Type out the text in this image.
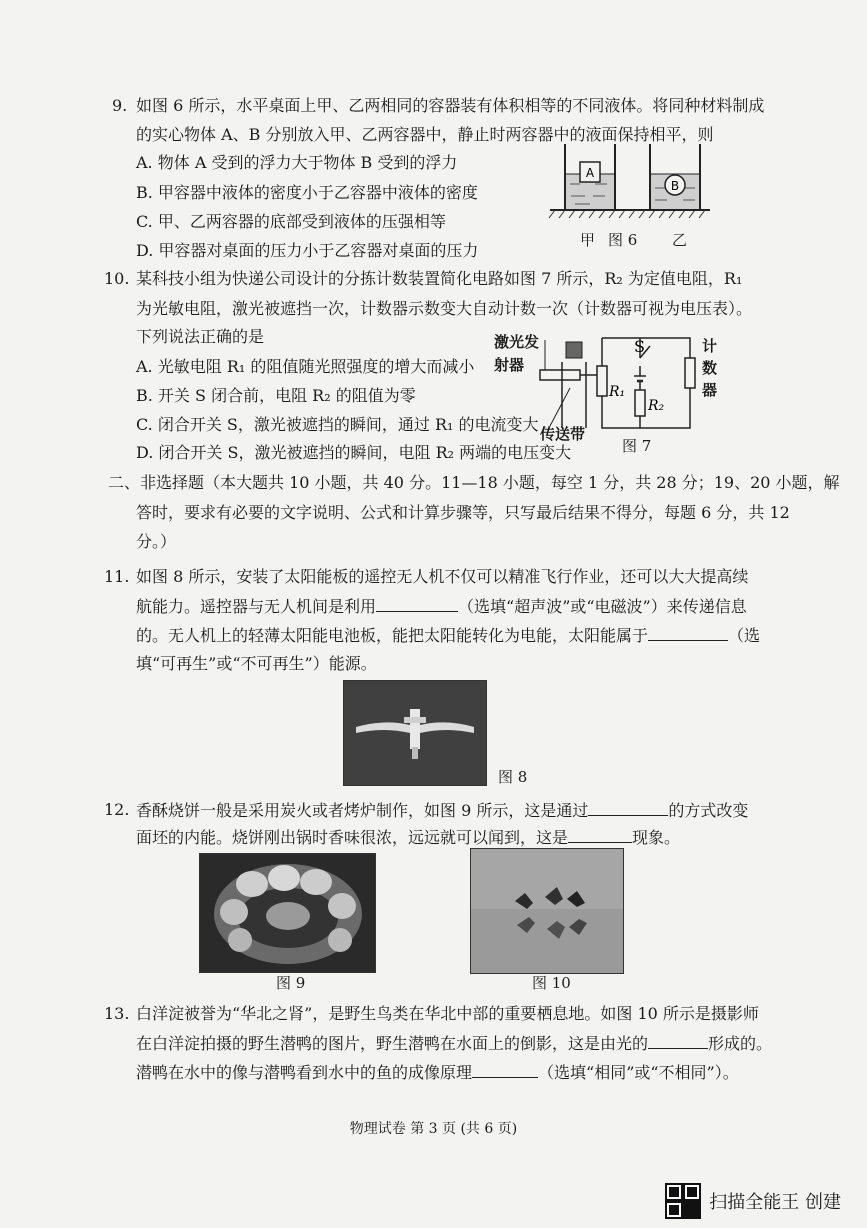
9. 如图 6 所示，水平桌面上甲、乙两相同的容器装有体积相等的不同液体。将同种材料制成
的实心物体 A、B 分别放入甲、乙两容器中，静止时两容器中的液面保持相平，则
A. 物体 A 受到的浮力大于物体 B 受到的浮力
B. 甲容器中液体的密度小于乙容器中液体的密度
C. 甲、乙两容器的底部受到液体的压强相等
D. 甲容器对桌面的压力小于乙容器对桌面的压力
A
B
甲 图 6 乙
10. 某科技小组为快递公司设计的分拣计数装置简化电路如图 7 所示，R₂ 为定值电阻，R₁
为光敏电阻，激光被遮挡一次，计数器示数变大自动计数一次（计数器可视为电压表）。
下列说法正确的是
A. 光敏电阻 R₁ 的阻值随光照强度的增大而减小
B. 开关 S 闭合前，电阻 R₂ 的阻值为零
C. 闭合开关 S，激光被遮挡的瞬间，通过 R₁ 的电流变大
D. 闭合开关 S，激光被遮挡的瞬间，电阻 R₂ 两端的电压变大
S
R₁
R₂
激光发
射器
计
数
器
传送带
图 7
二、非选择题（本大题共 10 小题，共 40 分。11—18 小题，每空 1 分，共 28 分；19、20 小题，解
答时，要求有必要的文字说明、公式和计算步骤等，只写最后结果不得分，每题 6 分，共 12
分。）
11. 如图 8 所示，安装了太阳能板的遥控无人机不仅可以精准飞行作业，还可以大大提高续
航能力。遥控器与无人机间是利用	（选填“超声波”或“电磁波”）来传递信息
的。无人机上的轻薄太阳能电池板，能把太阳能转化为电能，太阳能属于	（选
填“可再生”或“不可再生”）能源。
图 8
12. 香酥烧饼一般是采用炭火或者烤炉制作，如图 9 所示，这是通过	的方式改变
面坯的内能。烧饼刚出锅时香味很浓，远远就可以闻到，这是	现象。
图 9	图 10
13. 白洋淀被誉为“华北之肾”，是野生鸟类在华北中部的重要栖息地。如图 10 所示是摄影师
在白洋淀拍摄的野生潜鸭的图片，野生潜鸭在水面上的倒影，这是由光的	形成的。
潜鸭在水中的像与潜鸭看到水中的鱼的成像原理	（选填“相同”或“不相同”）。
物理试卷 第 3 页 (共 6 页)
扫描全能王 创建
